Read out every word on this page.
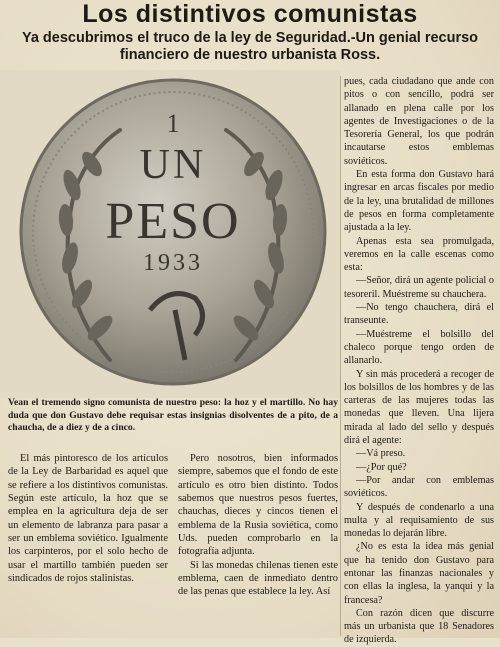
Los distintivos comunistas
Ya descubrimos el truco de la ley de Seguridad.-Un genial recurso financiero de nuestro urbanista Ross.
1
UN
PESO
1933
Vean el tremendo signo comunista de nuestro peso: la hoz y el martillo. No hay duda que don Gustavo debe requisar estas insignias disolventes de a pito, de a chaucha, de a diez y de a cinco.

El más pintoresco de los artículos de la Ley de Barbaridad es aquel que se refiere a los distintivos comunistas. Según este artículo, la hoz que se emplea en la agricultura deja de ser un elemento de labranza para pasar a ser un emblema soviético. Igualmente los carpinteros, por el solo hecho de usar el martillo también pueden ser sindicados de rojos stalinistas.

Pero nosotros, bien informados siempre, sabemos que el fondo de este artículo es otro bien distinto. Todos sabemos que nuestros pesos fuertes, chauchas, dieces y cincos tienen el emblema de la Rusia soviética, como Uds. pueden comprobarlo en la fotografía adjunta.

Si las monedas chilenas tienen este emblema, caen de inmediato dentro de las penas que establece la ley. Así

pues, cada ciudadano que ande con pitos o con sencillo, podrá ser allanado en plena calle por los agentes de Investigaciones o de la Tesorería General, los que podrán incautarse estos emblemas soviéticos.

En esta forma don Gustavo hará ingresar en arcas fiscales por medio de la ley, una brutalidad de millones de pesos en forma completamente ajustada a la ley.

Apenas esta sea promulgada, veremos en la calle escenas como esta:

—Señor, dirá un agente policial o tesoreril. Muéstreme su chauchera.

—No tengo chauchera, dirá el transeunte.

—Muéstreme el bolsillo del chaleco porque tengo orden de allanarlo.

Y sin más procederá a recoger de los bolsillos de los hombres y de las carteras de las mujeres todas las monedas que lleven. Una lijera mirada al lado del sello y después dirá el agente:

—Vá preso.

—¿Por qué?

—Por andar con emblemas soviéticos.

Y después de condenarlo a una multa y al requisamiento de sus monedas lo dejarán libre.

¿No es esta la idea más genial que ha tenido don Gustavo para entonar las finanzas nacionales y con ellas la inglesa, la yanqui y la francesa?

Con razón dicen que discurre más un urbanista que 18 Senadores de izquierda.
